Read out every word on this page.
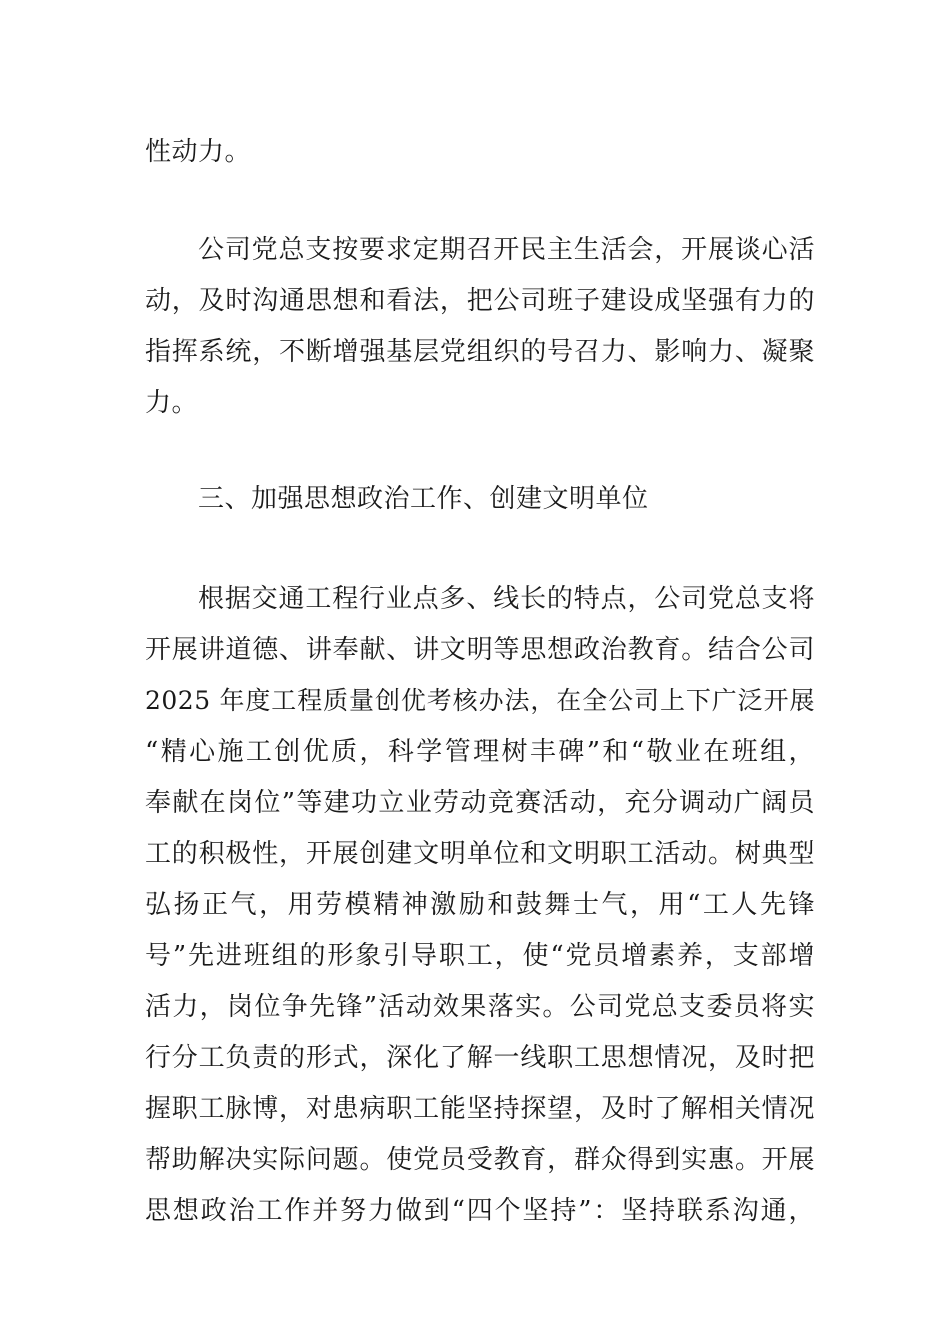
性动力。
公司党总支按要求定期召开民主生活会，开展谈心活
动，及时沟通思想和看法，把公司班子建设成坚强有力的
指挥系统，不断增强基层党组织的号召力、影响力、凝聚
力。
三、加强思想政治工作、创建文明单位
根据交通工程行业点多、线长的特点，公司党总支将
开展讲道德、讲奉献、讲文明等思想政治教育。结合公司
2025 年度工程质量创优考核办法，在全公司上下广泛开展
“精心施工创优质，科学管理树丰碑”和“敬业在班组，
奉献在岗位”等建功立业劳动竞赛活动，充分调动广阔员
工的积极性，开展创建文明单位和文明职工活动。树典型
弘扬正气，用劳模精神激励和鼓舞士气，用“工人先锋
号”先进班组的形象引导职工，使“党员增素养，支部增
活力，岗位争先锋”活动效果落实。公司党总支委员将实
行分工负责的形式，深化了解一线职工思想情况，及时把
握职工脉博，对患病职工能坚持探望，及时了解相关情况
帮助解决实际问题。使党员受教育，群众得到实惠。开展
思想政治工作并努力做到“四个坚持”：坚持联系沟通，
